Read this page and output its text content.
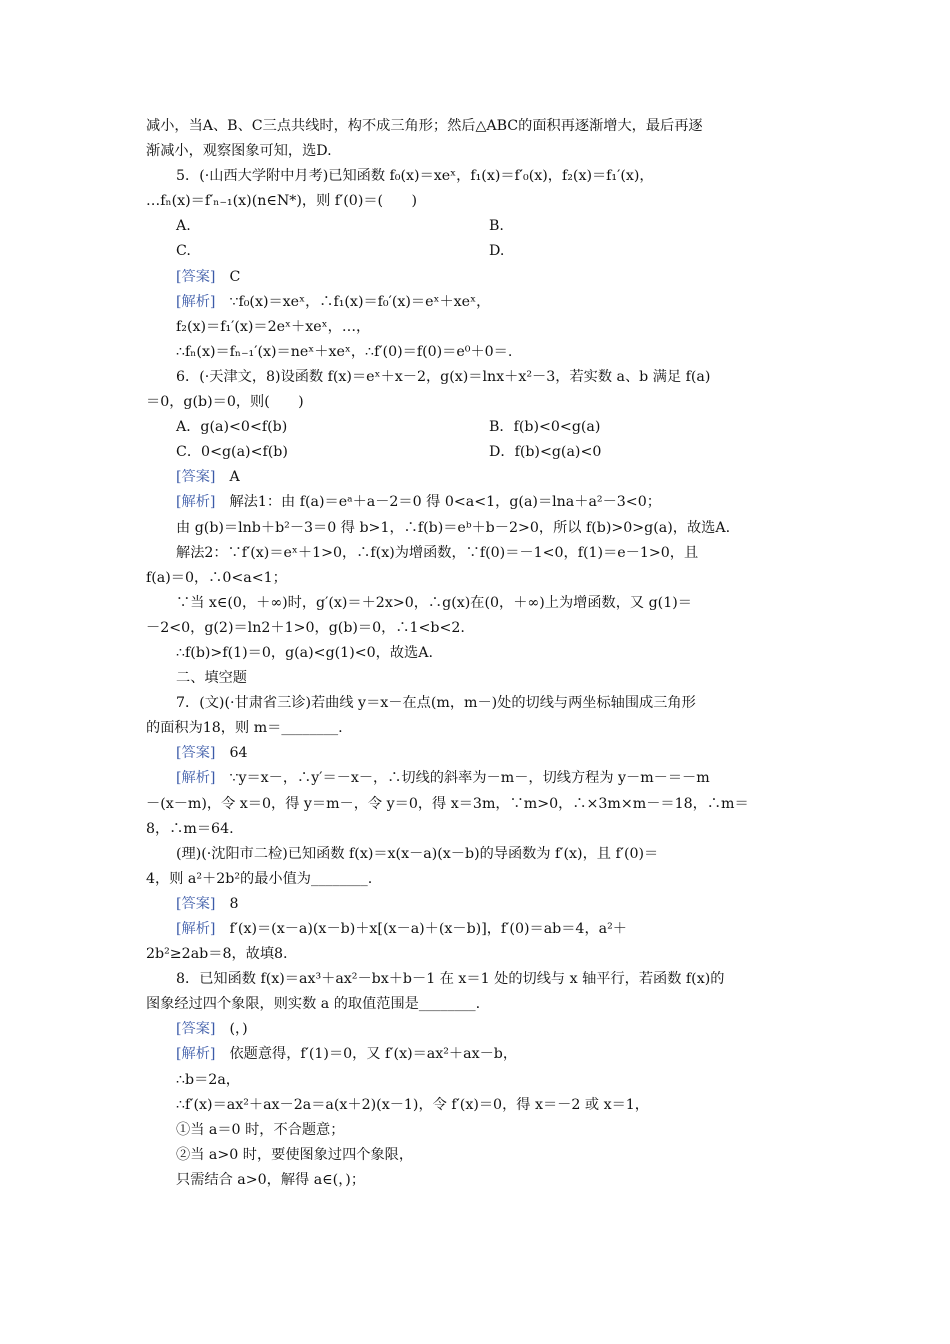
减小，当A、B、C三点共线时，构不成三角形；然后△ABC的面积再逐渐增大，最后再逐
渐减小，观察图象可知，选D.
5．(·山西大学附中月考)已知函数 f₀(x)＝xeˣ，f₁(x)＝f′₀(x)，f₂(x)＝f₁′(x)，
…fₙ(x)＝f′ₙ₋₁(x)(n∈N*)，则 f′(0)＝(　　)
A.	B.
C.	D.
[答案] C
[解析] ∵f₀(x)＝xeˣ，∴f₁(x)＝f₀′(x)＝eˣ＋xeˣ，
f₂(x)＝f₁′(x)＝2eˣ＋xeˣ，…，
∴fₙ(x)＝fₙ₋₁′(x)＝neˣ＋xeˣ，∴f′(0)＝f(0)＝e⁰＋0＝.
6．(·天津文，8)设函数 f(x)＝eˣ＋x－2，g(x)＝lnx＋x²－3，若实数 a、b 满足 f(a)
＝0，g(b)＝0，则(　　)
A．g(a)<0<f(b)	B．f(b)<0<g(a)
C．0<g(a)<f(b)	D．f(b)<g(a)<0
[答案] A
[解析] 解法1：由 f(a)＝eᵃ＋a－2＝0 得 0<a<1，g(a)＝lna＋a²－3<0；
由 g(b)＝lnb＋b²－3＝0 得 b>1，∴f(b)＝eᵇ＋b－2>0，所以 f(b)>0>g(a)，故选A.
解法2：∵f′(x)＝eˣ＋1>0，∴f(x)为增函数，∵f(0)＝－1<0，f(1)＝e－1>0，且
f(a)＝0，∴0<a<1；
∵当 x∈(0，＋∞)时，g′(x)＝＋2x>0，∴g(x)在(0，＋∞)上为增函数，又 g(1)＝
－2<0，g(2)＝ln2＋1>0，g(b)＝0，∴1<b<2.
∴f(b)>f(1)＝0，g(a)<g(1)<0，故选A.
二、填空题
7．(文)(·甘肃省三诊)若曲线 y＝x－在点(m，m－)处的切线与两坐标轴围成三角形
的面积为18，则 m＝________.
[答案] 64
[解析] ∵y＝x－，∴y′＝－x－，∴切线的斜率为－m－，切线方程为 y－m－＝－m
－(x－m)，令 x＝0，得 y＝m－，令 y＝0，得 x＝3m，∵m>0，∴×3m×m－＝18，∴m＝
8，∴m＝64.
(理)(·沈阳市二检)已知函数 f(x)＝x(x－a)(x－b)的导函数为 f′(x)，且 f′(0)＝
4，则 a²＋2b²的最小值为________.
[答案] 8
[解析] f′(x)＝(x－a)(x－b)＋x[(x－a)＋(x－b)]，f′(0)＝ab＝4，a²＋
2b²≥2ab＝8，故填8.
8．已知函数 f(x)＝ax³＋ax²－bx＋b－1 在 x＝1 处的切线与 x 轴平行，若函数 f(x)的
图象经过四个象限，则实数 a 的取值范围是________.
[答案] (，)
[解析] 依题意得，f′(1)＝0，又 f′(x)＝ax²＋ax－b，
∴b＝2a，
∴f′(x)＝ax²＋ax－2a＝a(x＋2)(x－1)，令 f′(x)＝0，得 x＝－2 或 x＝1，
①当 a＝0 时，不合题意；
②当 a>0 时，要使图象过四个象限，
只需结合 a>0，解得 a∈(，)；
